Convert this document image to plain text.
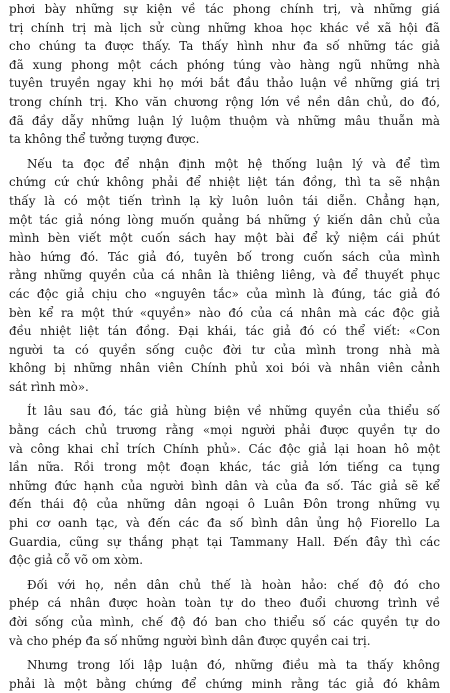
phơi bày những sự kiện về tác phong chính trị, và những giá
trị chính trị mà lịch sử cùng những khoa học khác về xã hội đã
cho chúng ta được thấy. Ta thấy hình như đa số những tác giả
đã xung phong một cách phóng túng vào hàng ngũ những nhà
tuyên truyền ngay khi họ mới bắt đầu thảo luận về những giá trị
trong chính trị. Kho văn chương rộng lớn về nền dân chủ, do đó,
đã đầy dẫy những luận lý luộm thuộm và những mâu thuẫn mà
ta không thể tưởng tượng được.

Nếu ta đọc để nhận định một hệ thống luận lý và để tìm
chứng cứ chứ không phải để nhiệt liệt tán đồng, thì ta sẽ nhận
thấy là có một tiến trình lạ kỳ luôn luôn tái diễn. Chẳng hạn,
một tác giả nóng lòng muốn quảng bá những ý kiến dân chủ của
mình bèn viết một cuốn sách hay một bài để kỷ niệm cái phút
hào hứng đó. Tác giả đó, tuyên bố trong cuốn sách của mình
rằng những quyền của cá nhân là thiêng liêng, và để thuyết phục
các độc giả chịu cho «nguyên tắc» của mình là đúng, tác giả đó
bèn kể ra một thứ «quyền» nào đó của cá nhân mà các độc giả
đều nhiệt liệt tán đồng. Đại khái, tác giả đó có thể viết: «Con
người ta có quyền sống cuộc đời tư của mình trong nhà mà
không bị những nhân viên Chính phủ xoi bói và nhân viên cảnh
sát rình mò».

Ít lâu sau đó, tác giả hùng biện về những quyền của thiểu số
bằng cách chủ trương rằng «mọi người phải được quyền tự do
và công khai chỉ trích Chính phủ». Các độc giả lại hoan hô một
lần nữa. Rồi trong một đoạn khác, tác giả lớn tiếng ca tụng
những đức hạnh của người bình dân và của đa số. Tác giả sẽ kể
đến thái độ của những dân ngoại ô Luân Đôn trong những vụ
phi cơ oanh tạc, và đến các đa số bình dân ủng hộ Fiorello La
Guardia, cũng sự thắng phạt tại Tammany Hall. Đến đây thì các
độc giả cỗ võ om xòm.

Đối với họ, nền dân chủ thế là hoàn hảo: chế độ đó cho
phép cá nhân được hoàn toàn tự do theo đuổi chương trình về
đời sống của mình, chế độ đó ban cho thiểu số các quyền tự do
và cho phép đa số những người bình dân được quyền cai trị.

Nhưng trong lối lập luận đó, những điều mà ta thấy không
phải là một bằng chứng để chứng minh rằng tác giả đó khâm
